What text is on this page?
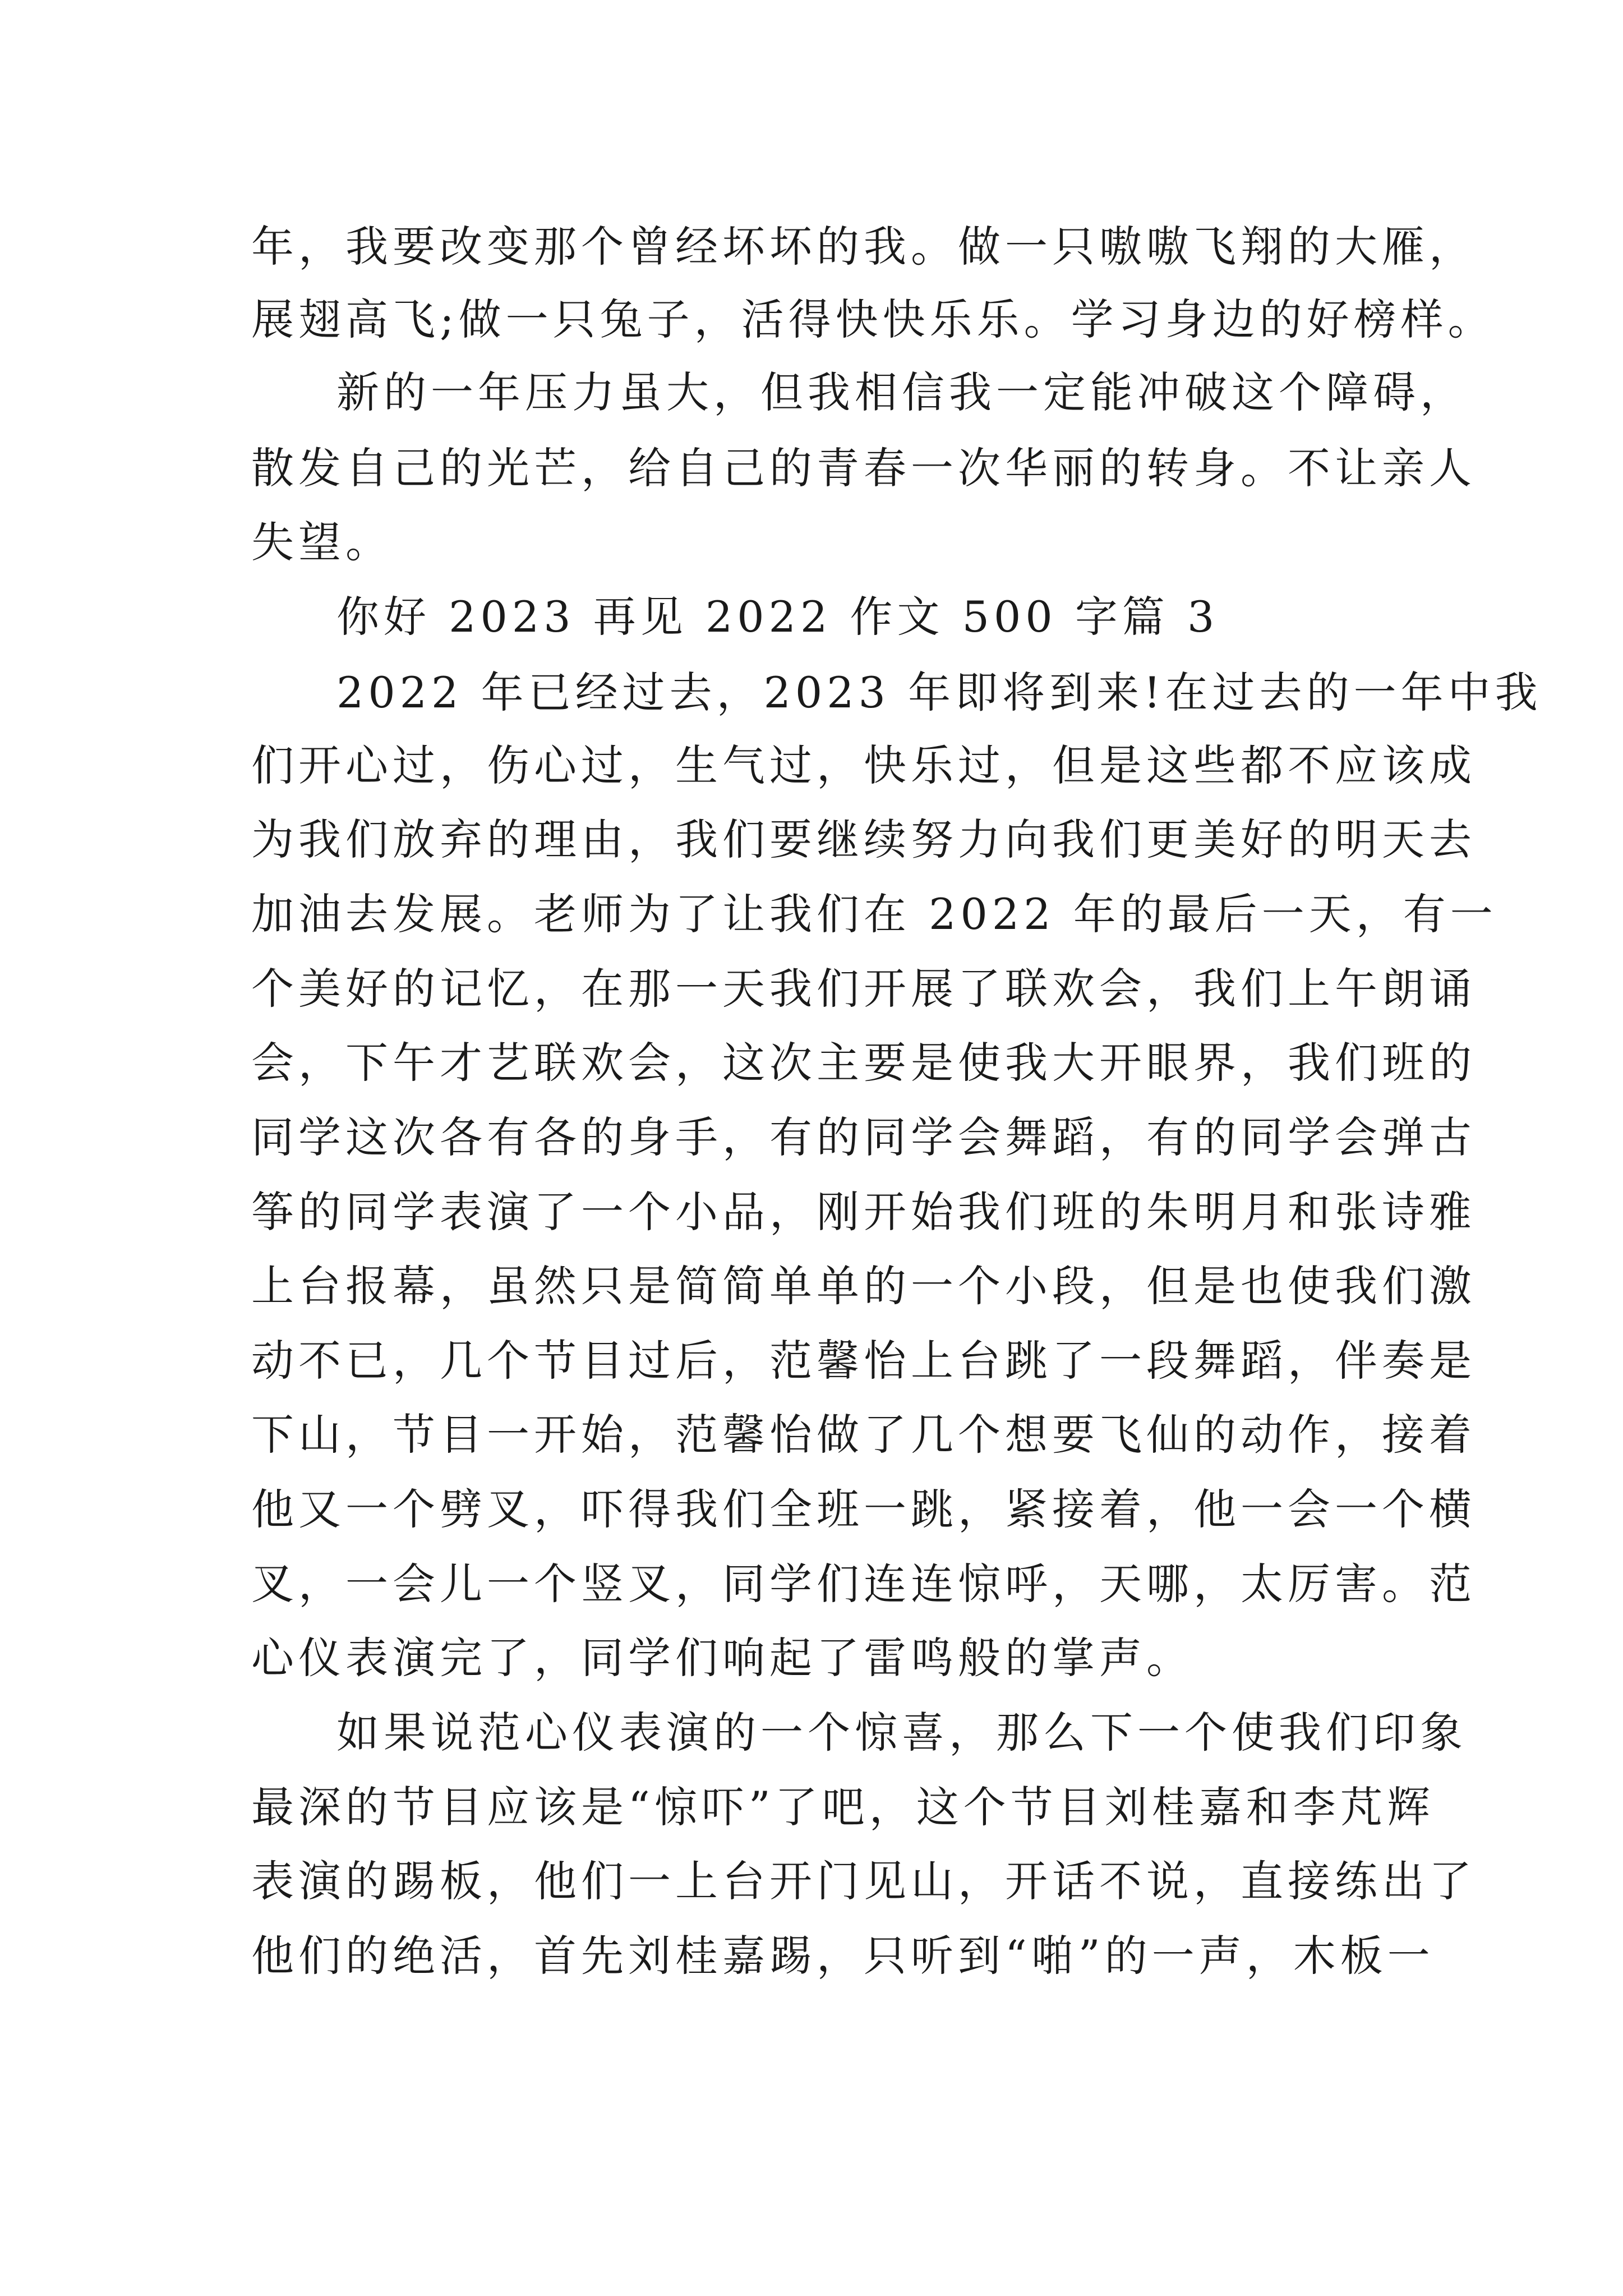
年，我要改变那个曾经坏坏的我。做一只嗷嗷飞翔的大雁，
展翅高飞;做一只兔子，活得快快乐乐。学习身边的好榜样。
新的一年压力虽大，但我相信我一定能冲破这个障碍，
散发自己的光芒，给自己的青春一次华丽的转身。不让亲人
失望。
你好 2023 再见 2022 作文 500 字篇 3
2022 年已经过去，2023 年即将到来!在过去的一年中我
们开心过，伤心过，生气过，快乐过，但是这些都不应该成
为我们放弃的理由，我们要继续努力向我们更美好的明天去
加油去发展。老师为了让我们在 2022 年的最后一天，有一
个美好的记忆，在那一天我们开展了联欢会，我们上午朗诵
会，下午才艺联欢会，这次主要是使我大开眼界，我们班的
同学这次各有各的身手，有的同学会舞蹈，有的同学会弹古
筝的同学表演了一个小品，刚开始我们班的朱明月和张诗雅
上台报幕，虽然只是简简单单的一个小段，但是也使我们激
动不已，几个节目过后，范馨怡上台跳了一段舞蹈，伴奏是
下山，节目一开始，范馨怡做了几个想要飞仙的动作，接着
他又一个劈叉，吓得我们全班一跳，紧接着，他一会一个横
叉，一会儿一个竖叉，同学们连连惊呼，天哪，太厉害。范
心仪表演完了，同学们响起了雷鸣般的掌声。
如果说范心仪表演的一个惊喜，那么下一个使我们印象
最深的节目应该是“惊吓”了吧，这个节目刘桂嘉和李芃辉
表演的踢板，他们一上台开门见山，开话不说，直接练出了
他们的绝活，首先刘桂嘉踢，只听到“啪”的一声，木板一
